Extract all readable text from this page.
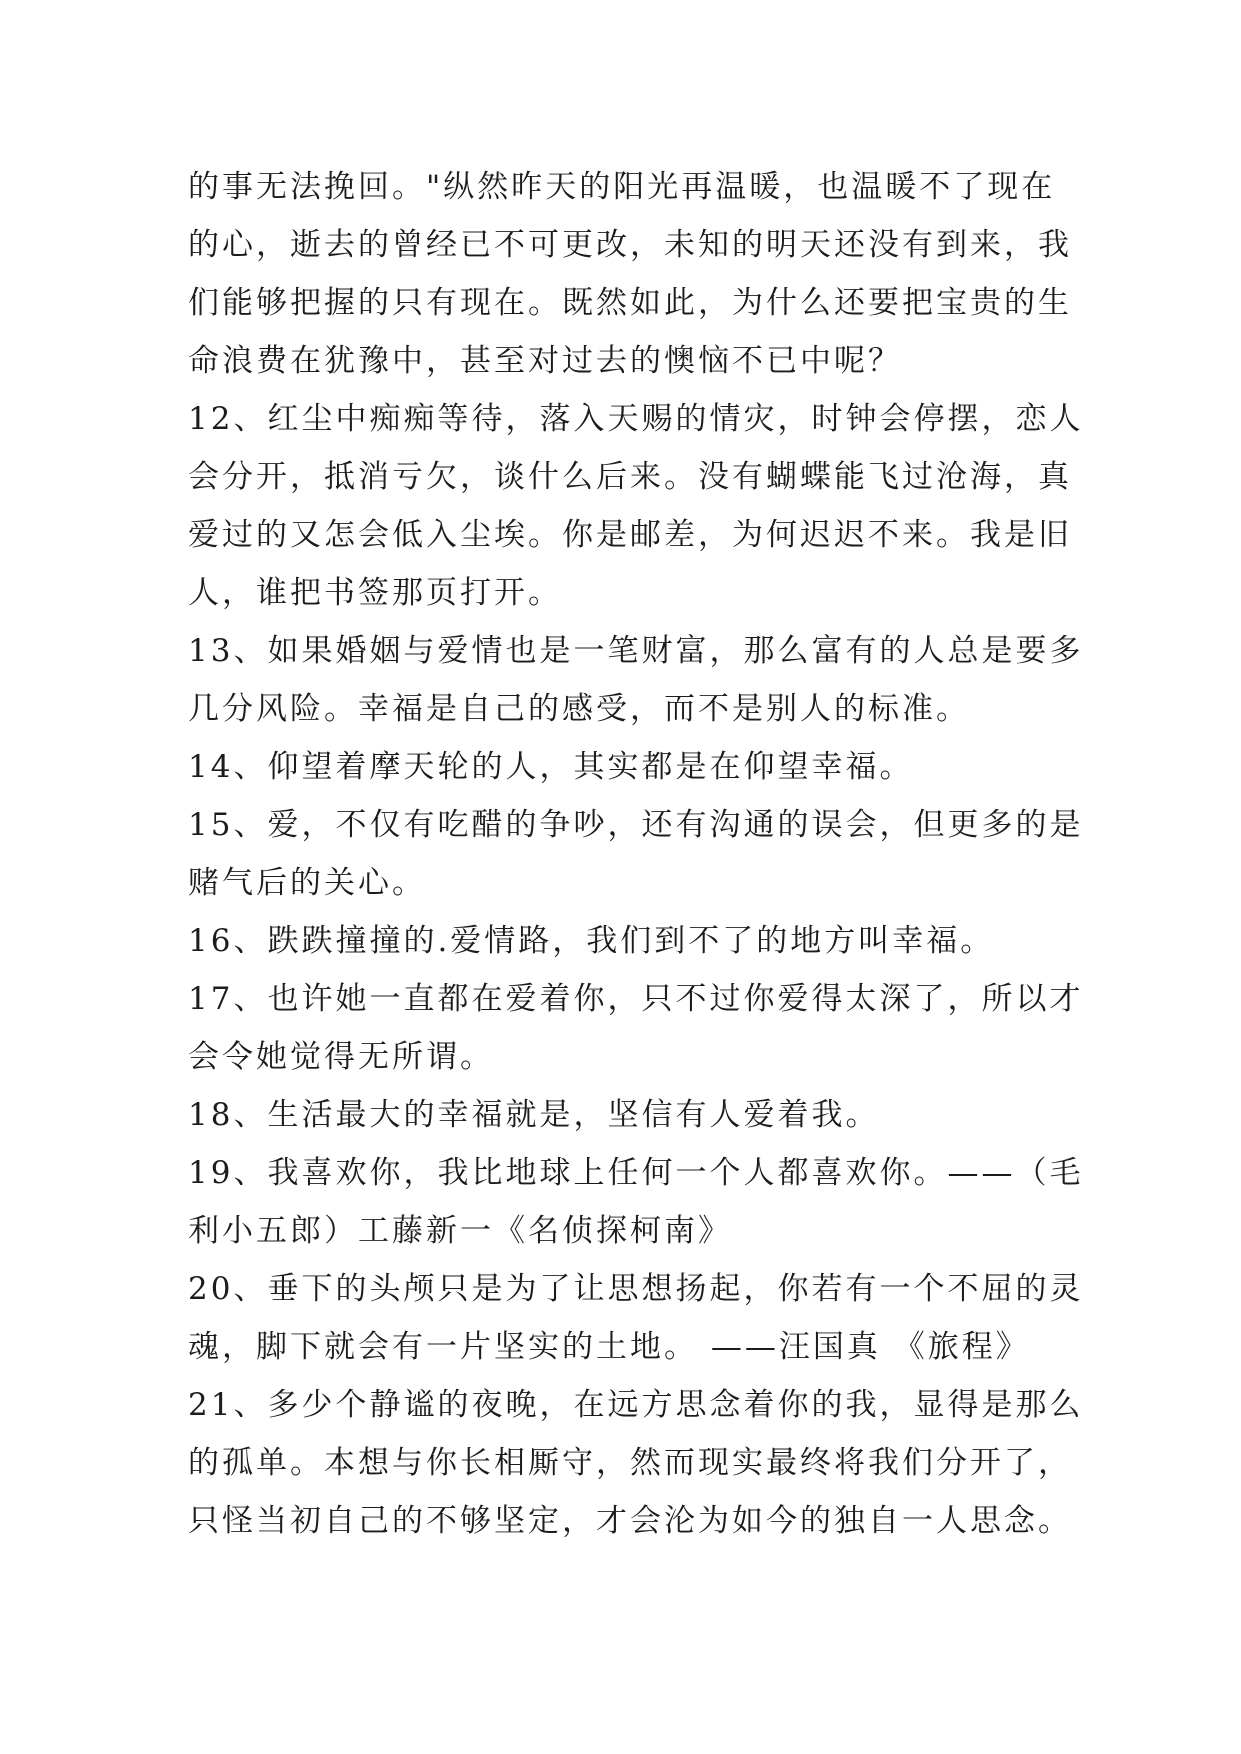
的事无法挽回。"纵然昨天的阳光再温暖，也温暖不了现在
的心，逝去的曾经已不可更改，未知的明天还没有到来，我
们能够把握的只有现在。既然如此，为什么还要把宝贵的生
命浪费在犹豫中，甚至对过去的懊恼不已中呢？
12、红尘中痴痴等待，落入天赐的情灾，时钟会停摆，恋人
会分开，抵消亏欠，谈什么后来。没有蝴蝶能飞过沧海，真
爱过的又怎会低入尘埃。你是邮差，为何迟迟不来。我是旧
人，谁把书签那页打开。
13、如果婚姻与爱情也是一笔财富，那么富有的人总是要多
几分风险。幸福是自己的感受，而不是别人的标准。
14、仰望着摩天轮的人，其实都是在仰望幸福。
15、爱，不仅有吃醋的争吵，还有沟通的误会，但更多的是
赌气后的关心。
16、跌跌撞撞的.爱情路，我们到不了的地方叫幸福。
17、也许她一直都在爱着你，只不过你爱得太深了，所以才
会令她觉得无所谓。
18、生活最大的幸福就是，坚信有人爱着我。
19、我喜欢你，我比地球上任何一个人都喜欢你。——（毛
利小五郎）工藤新一《名侦探柯南》
20、垂下的头颅只是为了让思想扬起，你若有一个不屈的灵
魂，脚下就会有一片坚实的土地。 ——汪国真 《旅程》
21、多少个静谧的夜晚，在远方思念着你的我，显得是那么
的孤单。本想与你长相厮守，然而现实最终将我们分开了，
只怪当初自己的不够坚定，才会沦为如今的独自一人思念。
